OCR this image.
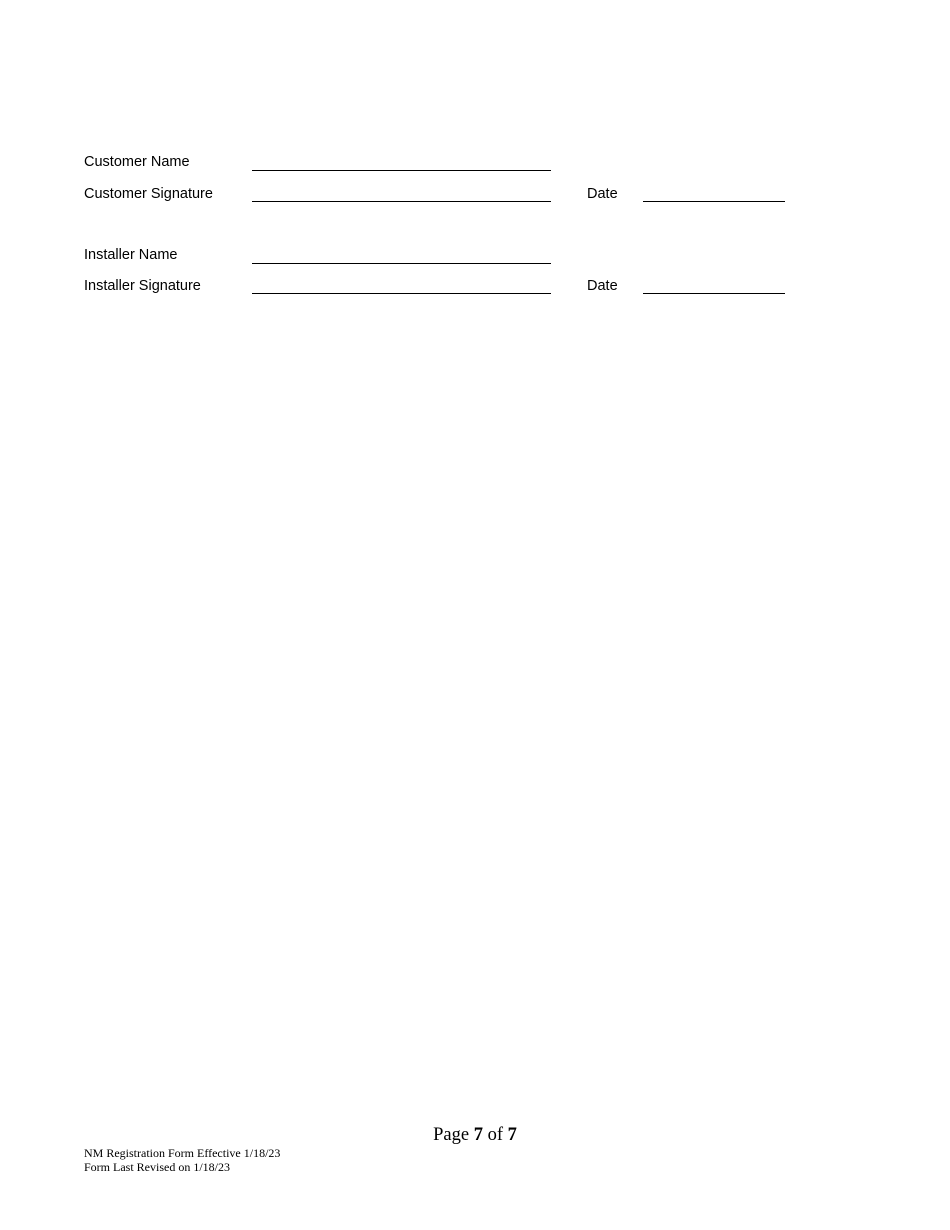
Customer Name
Customer Signature	Date
Installer Name
Installer Signature	Date
Page 7 of 7
NM Registration Form Effective 1/18/23
Form Last Revised on 1/18/23
